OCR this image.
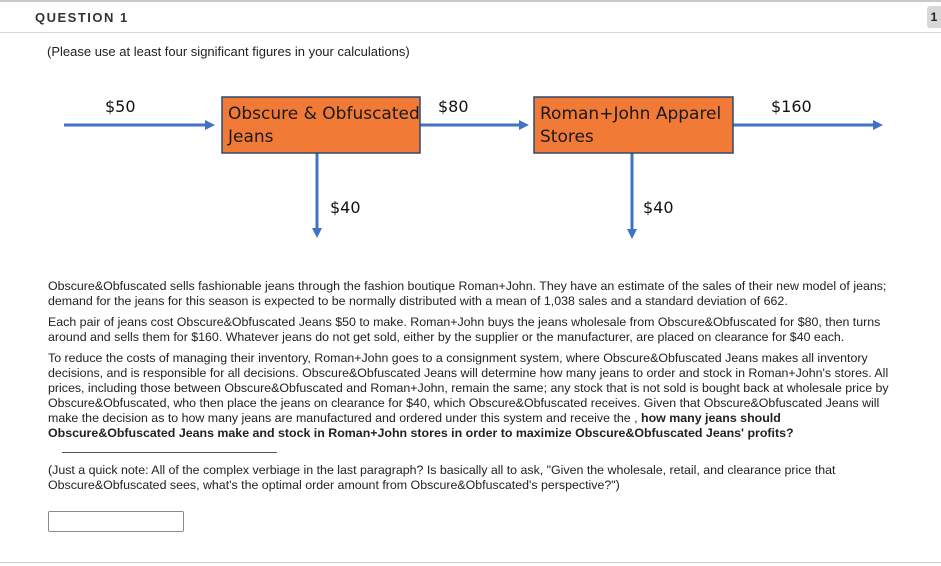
QUESTION 1	1
(Please use at least four significant figures in your calculations)
Obscure & Obfuscated
Jeans
Roman+John Apparel
Stores
$50	$80	$160
$40	$40

Obscure&Obfuscated sells fashionable jeans through the fashion boutique Roman+John. They have an estimate of the sales of their new model of jeans; demand for the jeans for this season is expected to be normally distributed with a mean of 1,038 sales and a standard deviation of 662.

Each pair of jeans cost Obscure&Obfuscated Jeans $50 to make. Roman+John buys the jeans wholesale from Obscure&Obfuscated for $80, then turns around and sells them for $160. Whatever jeans do not get sold, either by the supplier or the manufacturer, are placed on clearance for $40 each.

To reduce the costs of managing their inventory, Roman+John goes to a consignment system, where Obscure&Obfuscated Jeans makes all inventory decisions, and is responsible for all decisions. Obscure&Obfuscated Jeans will determine how many jeans to order and stock in Roman+John's stores. All prices, including those between Obscure&Obfuscated and Roman+John, remain the same; any stock that is not sold is bought back at wholesale price by Obscure&Obfuscated, who then place the jeans on clearance for $40, which Obscure&Obfuscated receives. Given that Obscure&Obfuscated Jeans will make the decision as to how many jeans are manufactured and ordered under this system and receive the , how many jeans should Obscure&Obfuscated Jeans make and stock in Roman+John stores in order to maximize Obscure&Obfuscated Jeans' profits?

(Just a quick note: All of the complex verbiage in the last paragraph? Is basically all to ask, "Given the wholesale, retail, and clearance price that Obscure&Obfuscated sees, what's the optimal order amount from Obscure&Obfuscated's perspective?")
